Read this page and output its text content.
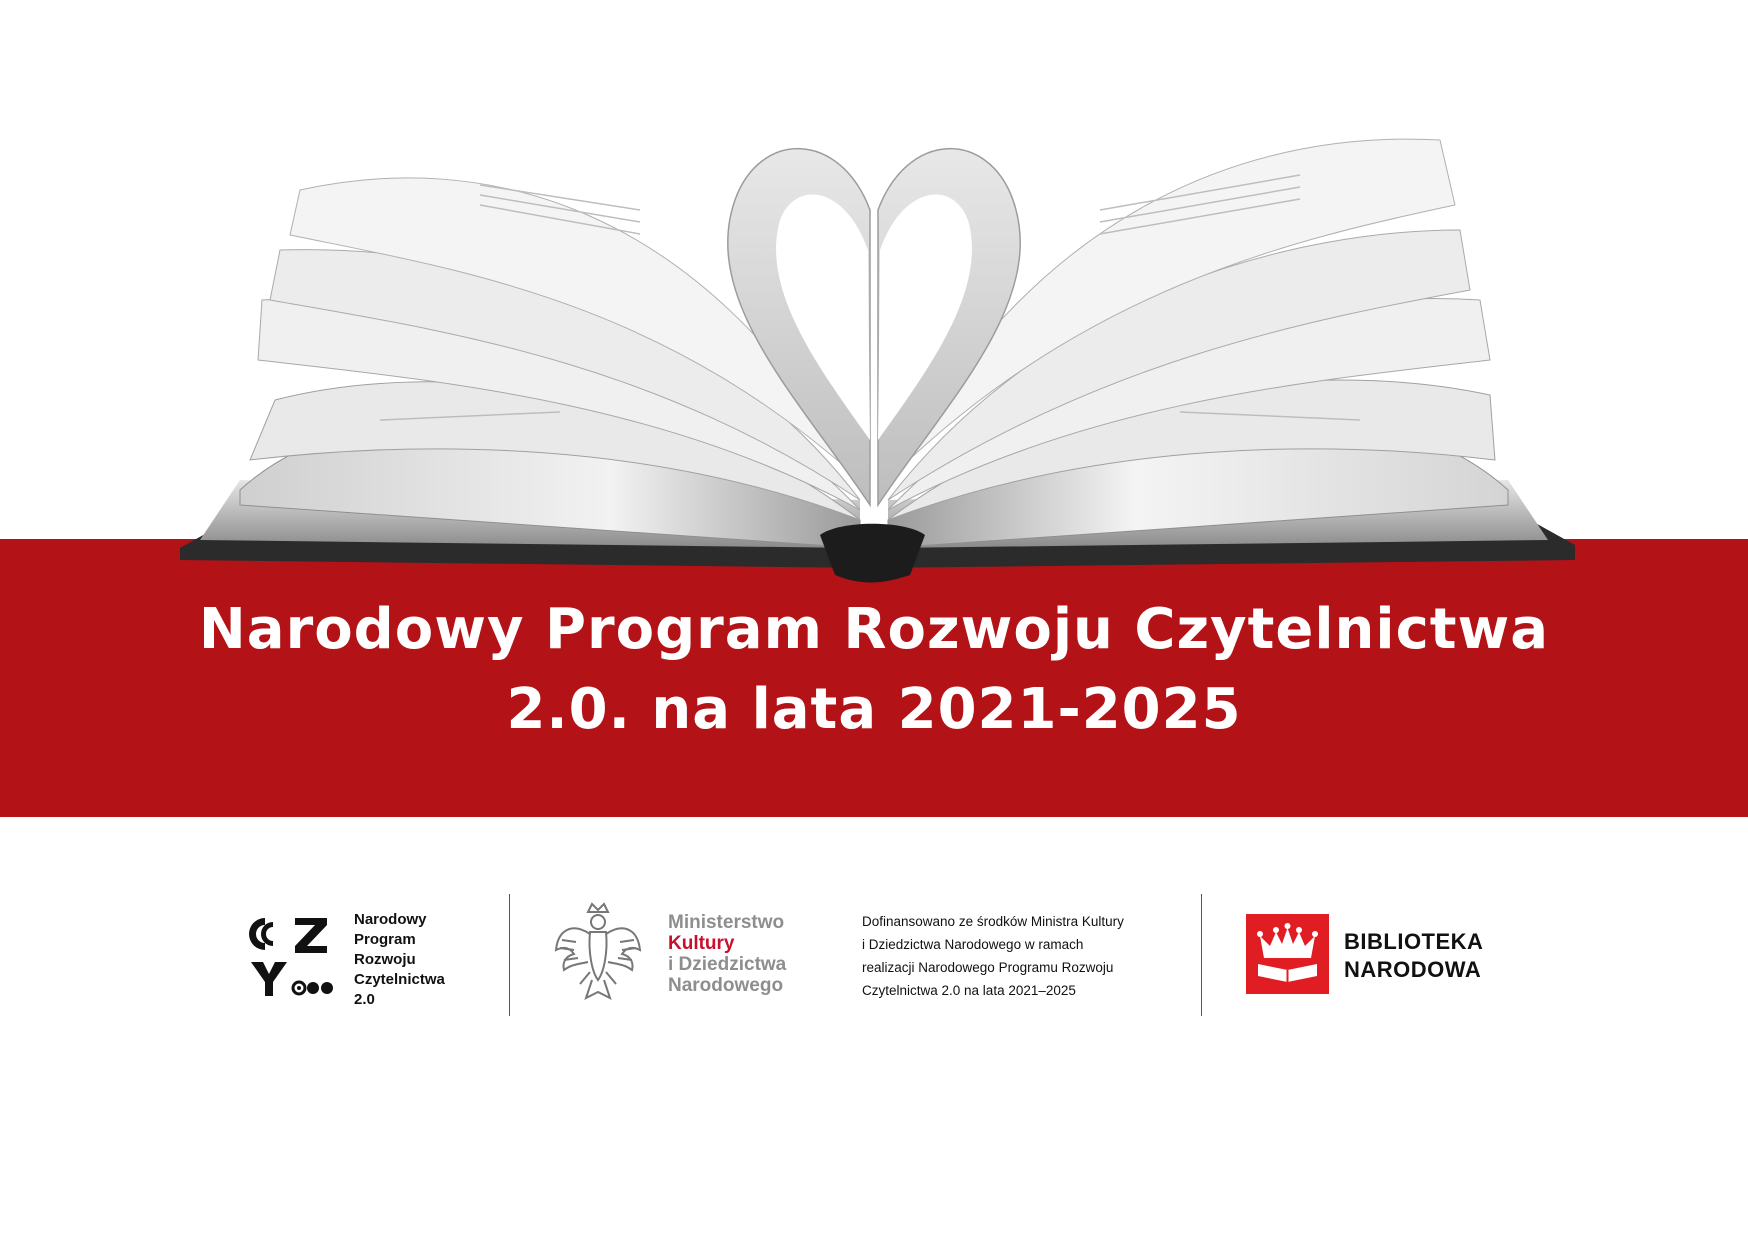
Narodowy Program Rozwoju Czytelnictwa
2.0. na lata 2021-2025
Narodowy
Program
Rozwoju
Czytelnictwa
2.0
Ministerstwo
Kultury
i Dziedzictwa
Narodowego
Dofinansowano ze środków Ministra Kultury
i Dziedzictwa Narodowego w ramach
realizacji Narodowego Programu Rozwoju
Czytelnictwa 2.0 na lata 2021–2025
BIBLIOTEKA
NARODOWA
